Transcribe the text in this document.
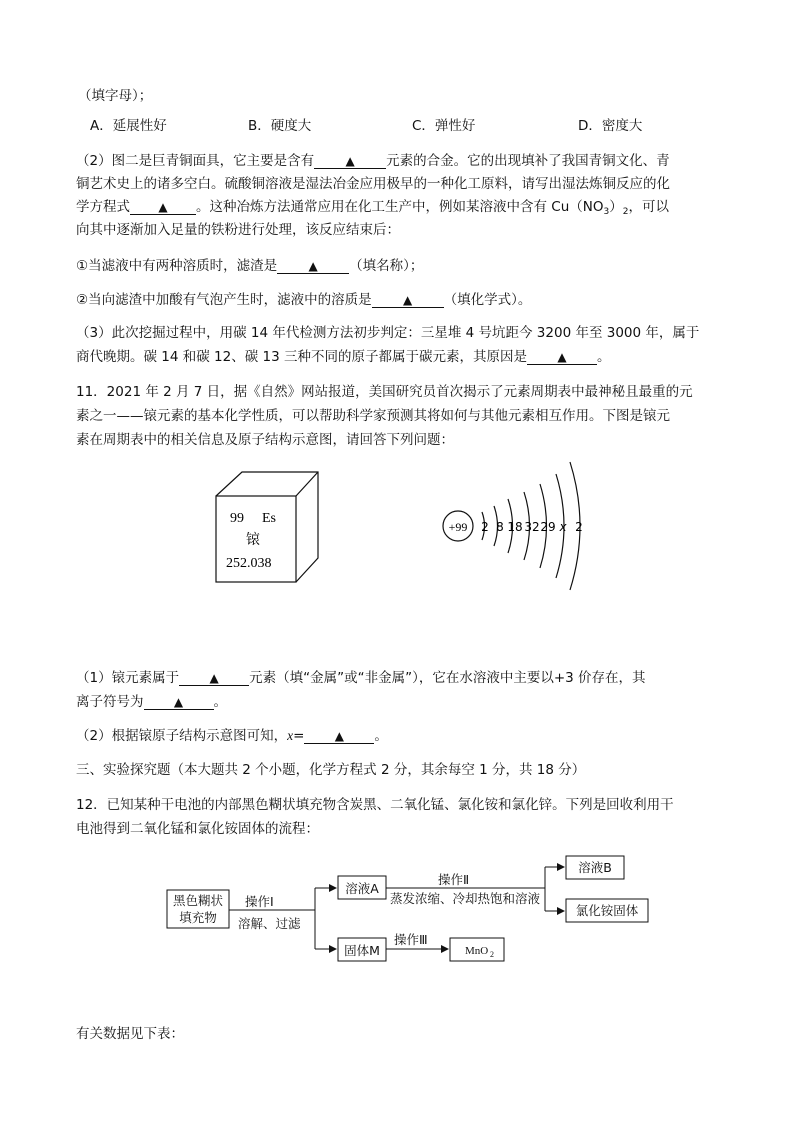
（填字母）；
A．延展性好	B．硬度大	C．弹性好	D．密度大
（2）图二是巨青铜面具，它主要是含有	▲ 元素的合金。它的出现填补了我国青铜文化、青
铜艺术史上的诸多空白。硫酸铜溶液是湿法冶金应用极早的一种化工原料，请写出湿法炼铜反应的化
学方程式 ▲ 。这种冶炼方法通常应用在化工生产中，例如某溶液中含有 $Cu(NO_3)_2$，可以
向其中逐渐加入足量的铁粉进行处理，该反应结束后：
①当滤液中有两种溶质时，滤渣是	▲ （填名称）；
②当向滤渣中加酸有气泡产生时，滤液中的溶质是	▲ （填化学式）。
（3）此次挖掘过程中，用碳 14 年代检测方法初步判定：三星堆 4 号坑距今 3200 年至 3000 年，属于
商代晚期。碳 14 和碳 12、碳 13 三种不同的原子都属于碳元素，其原因是	▲ 。
11．2021 年 2 月 7 日，据《自然》网站报道，美国研究员首次揭示了元素周期表中最神秘且最重的元
素之一——锿元素的基本化学性质，可以帮助科学家预测其将如何与其他元素相互作用。下图是锿元
素在周期表中的相关信息及原子结构示意图，请回答下列问题：
99 Es
锿
252.038
+99 2 8 18 32 29 x 2
（1）锿元素属于	▲ 元素（填“金属”或“非金属”），它在水溶液中主要以+3 价存在，其
离子符号为	▲ 。
（2）根据锿原子结构示意图可知，x=	▲ 。
三、实验探究题（本大题共 2 个小题，化学方程式 2 分，其余每空 1 分，共 18 分）
12．已知某种干电池的内部黑色糊状填充物含炭黑、二氧化锰、氯化铵和氯化锌。下列是回收利用干
电池得到二氧化锰和氯化铵固体的流程：
黑色糊状
填充物
操作Ⅰ
溶解、过滤
溶液A
操作Ⅱ
蒸发浓缩、冷却热饱和溶液
溶液B
氯化铵固体
固体M
操作Ⅲ
MnO 2
有关数据见下表：
